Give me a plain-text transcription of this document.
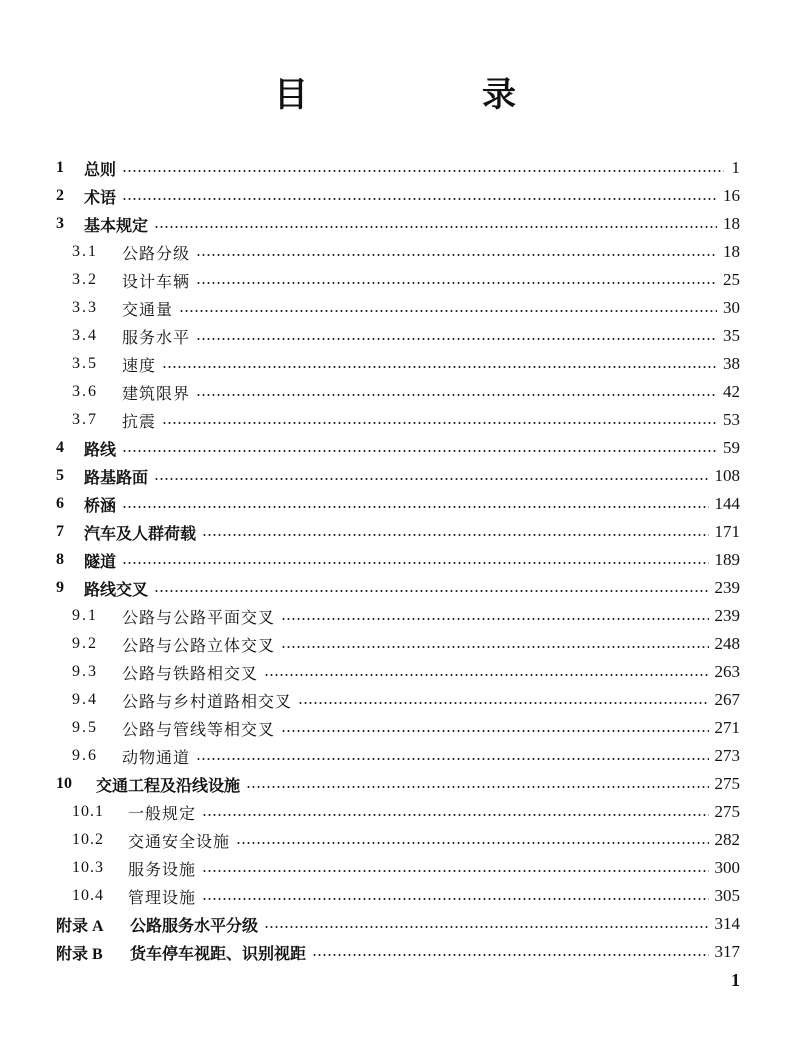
目　录
1	总则	1
2	术语	16
3	基本规定	18
3.1	公路分级	18
3.2	设计车辆	25
3.3	交通量	30
3.4	服务水平	35
3.5	速度	38
3.6	建筑限界	42
3.7	抗震	53
4	路线	59
5	路基路面	108
6	桥涵	144
7	汽车及人群荷载	171
8	隧道	189
9	路线交叉	239
9.1	公路与公路平面交叉	239
9.2	公路与公路立体交叉	248
9.3	公路与铁路相交叉	263
9.4	公路与乡村道路相交叉	267
9.5	公路与管线等相交叉	271
9.6	动物通道	273
10	交通工程及沿线设施	275
10.1	一般规定	275
10.2	交通安全设施	282
10.3	服务设施	300
10.4	管理设施	305
附录 A	公路服务水平分级	314
附录 B	货车停车视距、识别视距	317
1
